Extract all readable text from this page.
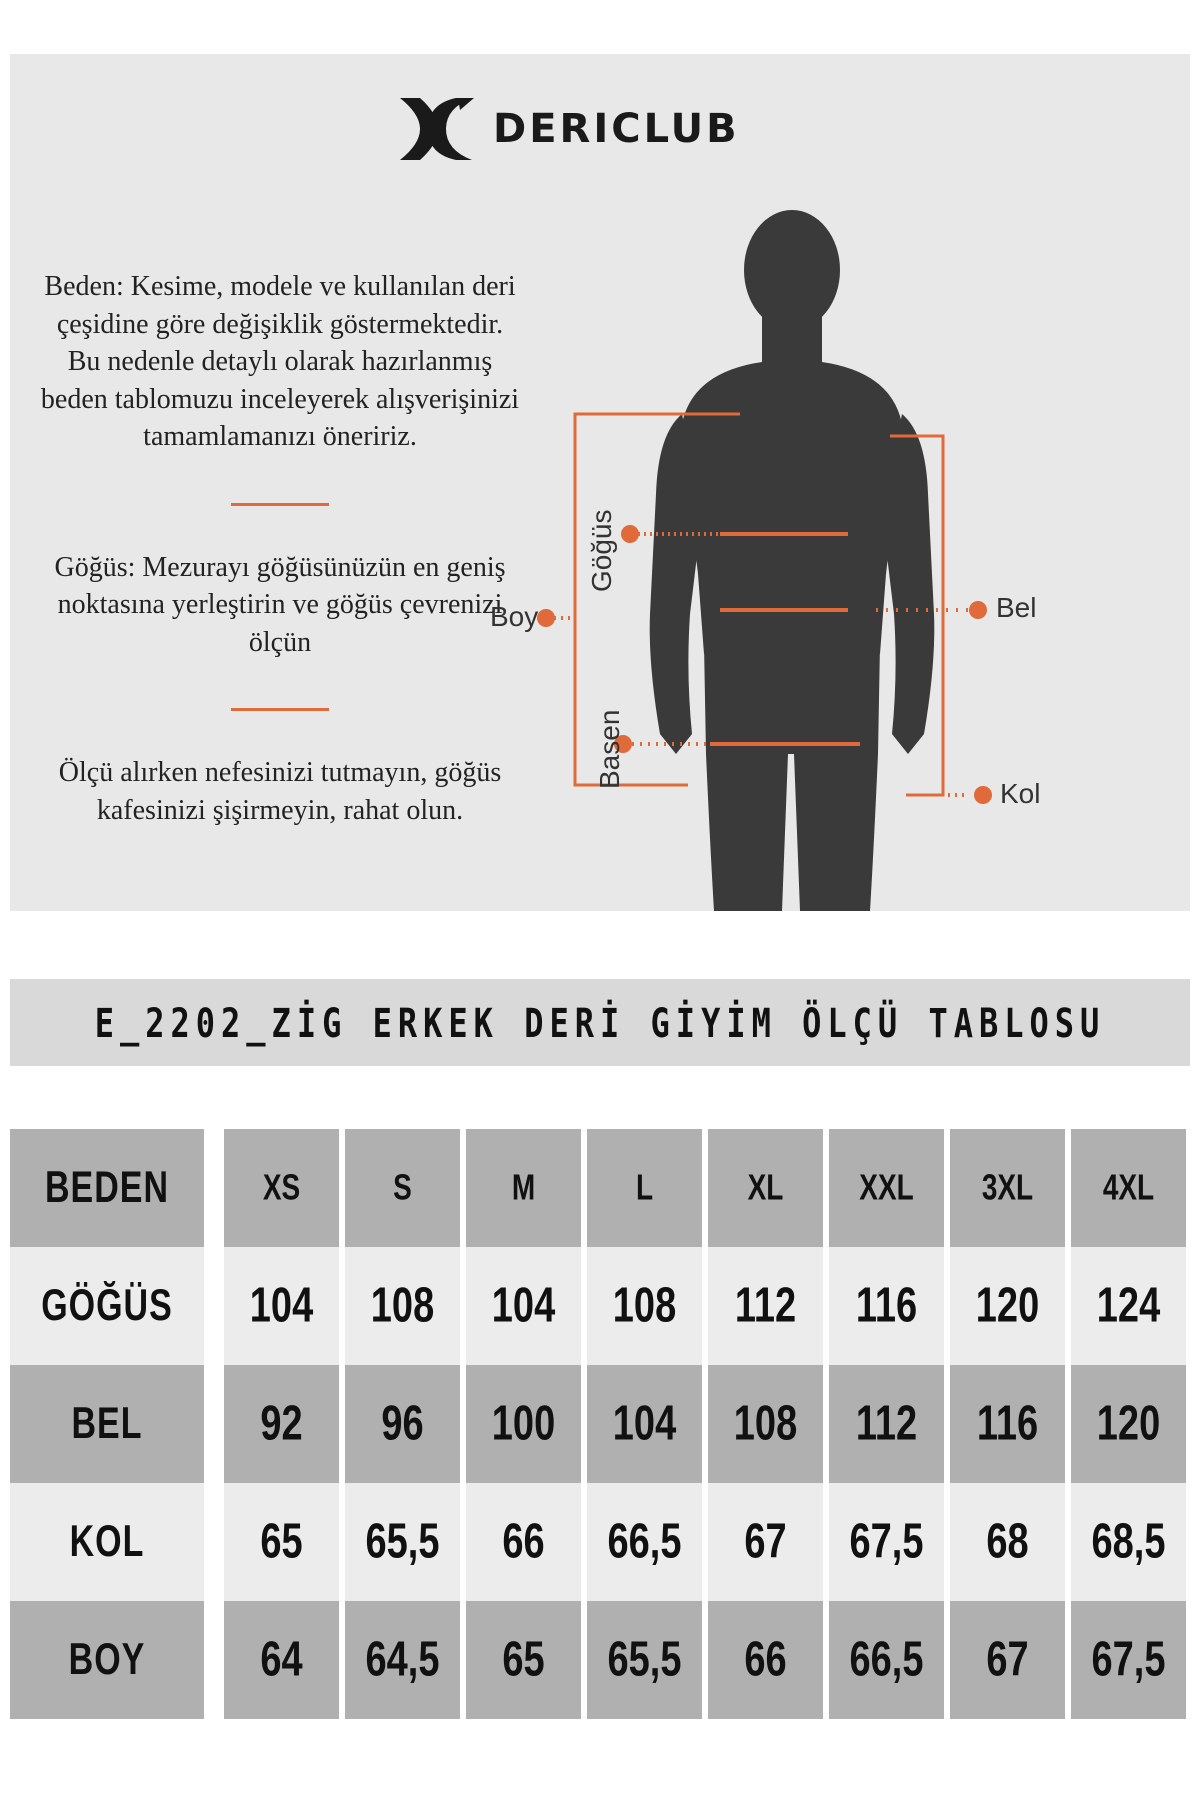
DERICLUB

Beden: Kesime, modele ve kullanılan deri çeşidine göre değişiklik göstermektedir. Bu nedenle detaylı olarak hazırlanmış beden tablomuzu inceleyerek alışverişinizi tamamlamanızı öneririz.

Göğüs: Mezurayı göğüsünüzün en geniş noktasına yerleştirin ve göğüs çevrenizi ölçün

Ölçü alırken nefesinizi tutmayın, göğüs kafesinizi şişirmeyin, rahat olun.

Boy
Göğüs
Basen
Bel
Kol
E_2202_ZİG ERKEK DERİ GİYİM ÖLÇÜ TABLOSU
BEDEN	XS	S	M	L	XL	XXL 3XL 4XL
GÖĞÜS 104 108 104 108 112 116 120 124
BEL	92 96 100 104 108 112 116 120
KOL	65 65,5 66 66,5 67 67,5 68 68,5
BOY	64 64,5 65 65,5 66 66,5 67 67,5
